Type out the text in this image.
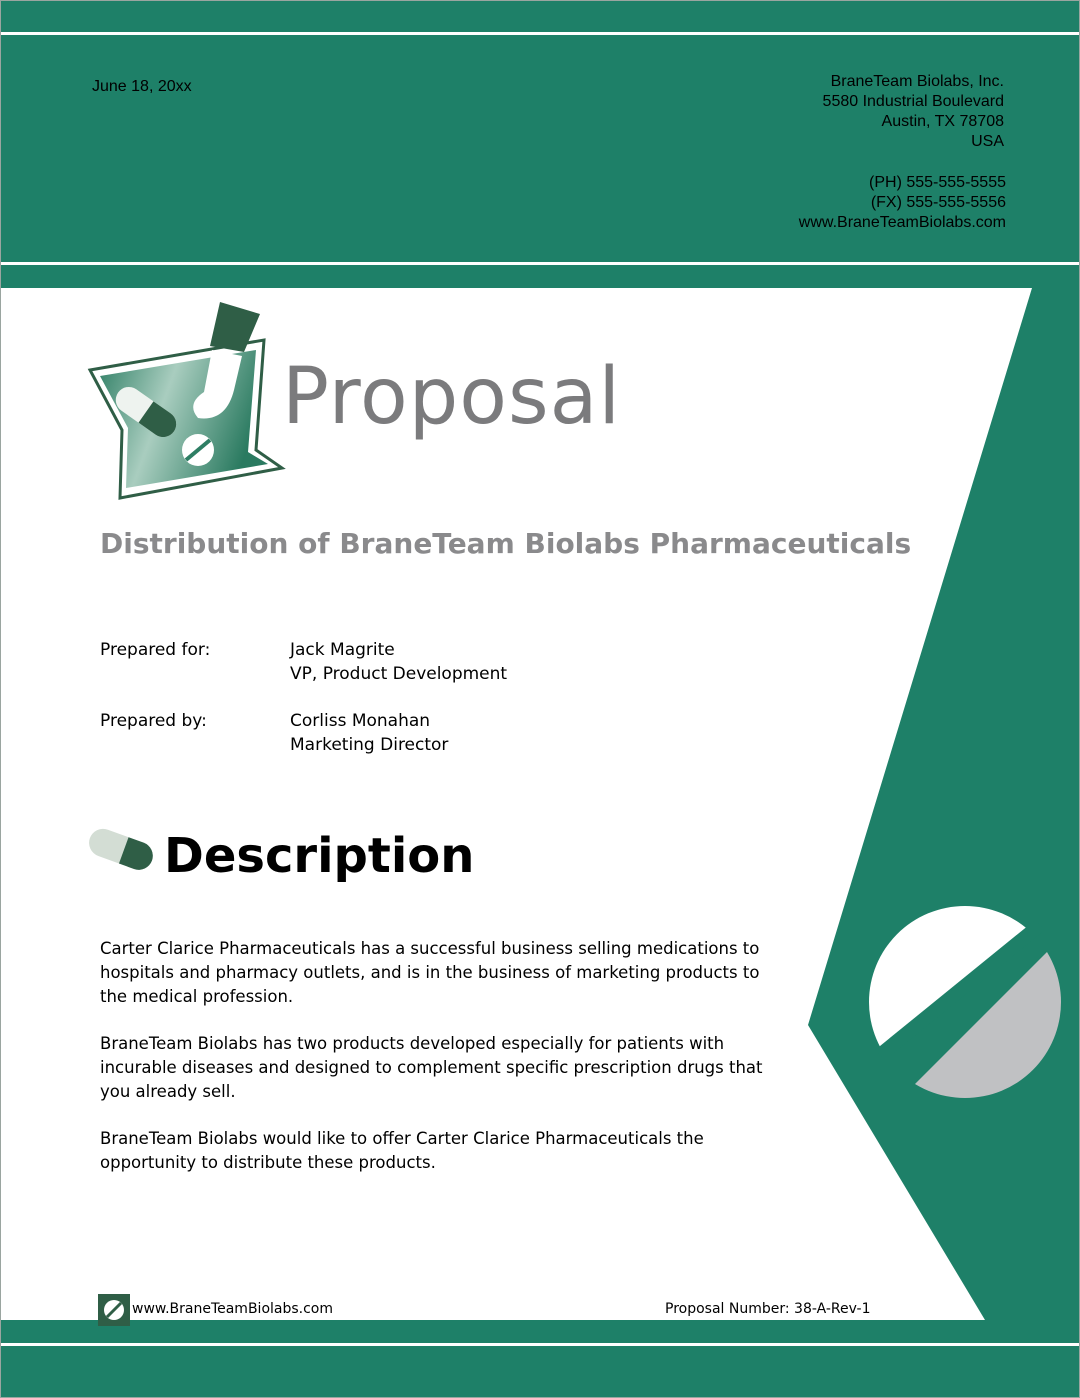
June 18, 20xx	BraneTeam Biolabs, Inc.
5580 Industrial Boulevard
Austin, TX 78708
USA
(PH) 555-555-5555
(FX) 555-555-5556
www.BraneTeamBiolabs.com
Proposal
Distribution of BraneTeam Biolabs Pharmaceuticals
Prepared for:	Jack Magrite
VP, Product Development
Prepared by:	Corliss Monahan
Marketing Director
Description
Carter Clarice Pharmaceuticals has a successful business selling medications to hospitals and pharmacy outlets, and is in the business of marketing products to the medical profession.
BraneTeam Biolabs has two products developed especially for patients with incurable diseases and designed to complement specific prescription drugs that you already sell.
BraneTeam Biolabs would like to offer Carter Clarice Pharmaceuticals the opportunity to distribute these products.
www.BraneTeamBiolabs.com	Proposal Number: 38-A-Rev-1
